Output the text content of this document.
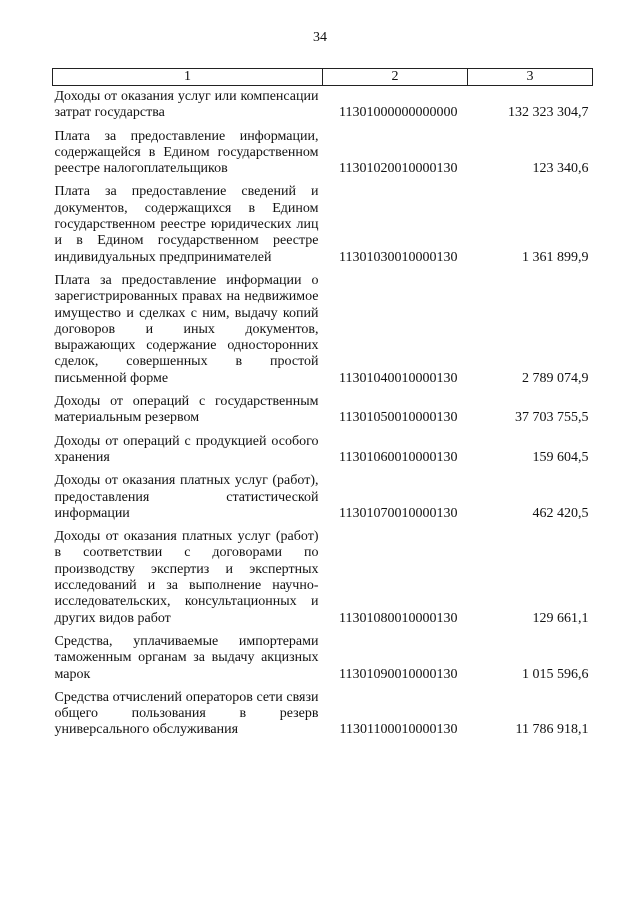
34
1	2	3
Доходы от оказания услуг или компенсации затрат государства	11301000000000000	132 323 304,7
Плата за предоставление информации, содержащейся в Едином государственном реестре налогоплательщиков	11301020010000130	123 340,6
Плата за предоставление сведений и документов, содержащихся в Едином государственном реестре юридических лиц и в Едином государственном реестре индивидуальных предпринимателей	11301030010000130	1 361 899,9
Плата за предоставление информации о зарегистрированных правах на недвижимое имущество и сделках с ним, выдачу копий договоров и иных документов, выражающих содержание односторонних сделок, совершенных в простой письменной форме	11301040010000130	2 789 074,9
Доходы от операций с государственным материальным резервом	11301050010000130	37 703 755,5
Доходы от операций с продукцией особого хранения	11301060010000130	159 604,5
Доходы от оказания платных услуг (работ), предоставления статистической информации	11301070010000130	462 420,5
Доходы от оказания платных услуг (работ) в соответствии с договорами по производству экспертиз и экспертных исследований и за выполнение научно-исследовательских, консультационных и других видов работ	11301080010000130	129 661,1
Средства, уплачиваемые импортерами таможенным органам за выдачу акцизных марок	11301090010000130	1 015 596,6
Средства отчислений операторов сети связи общего пользования в резерв универсального обслуживания	11301100010000130	11 786 918,1
